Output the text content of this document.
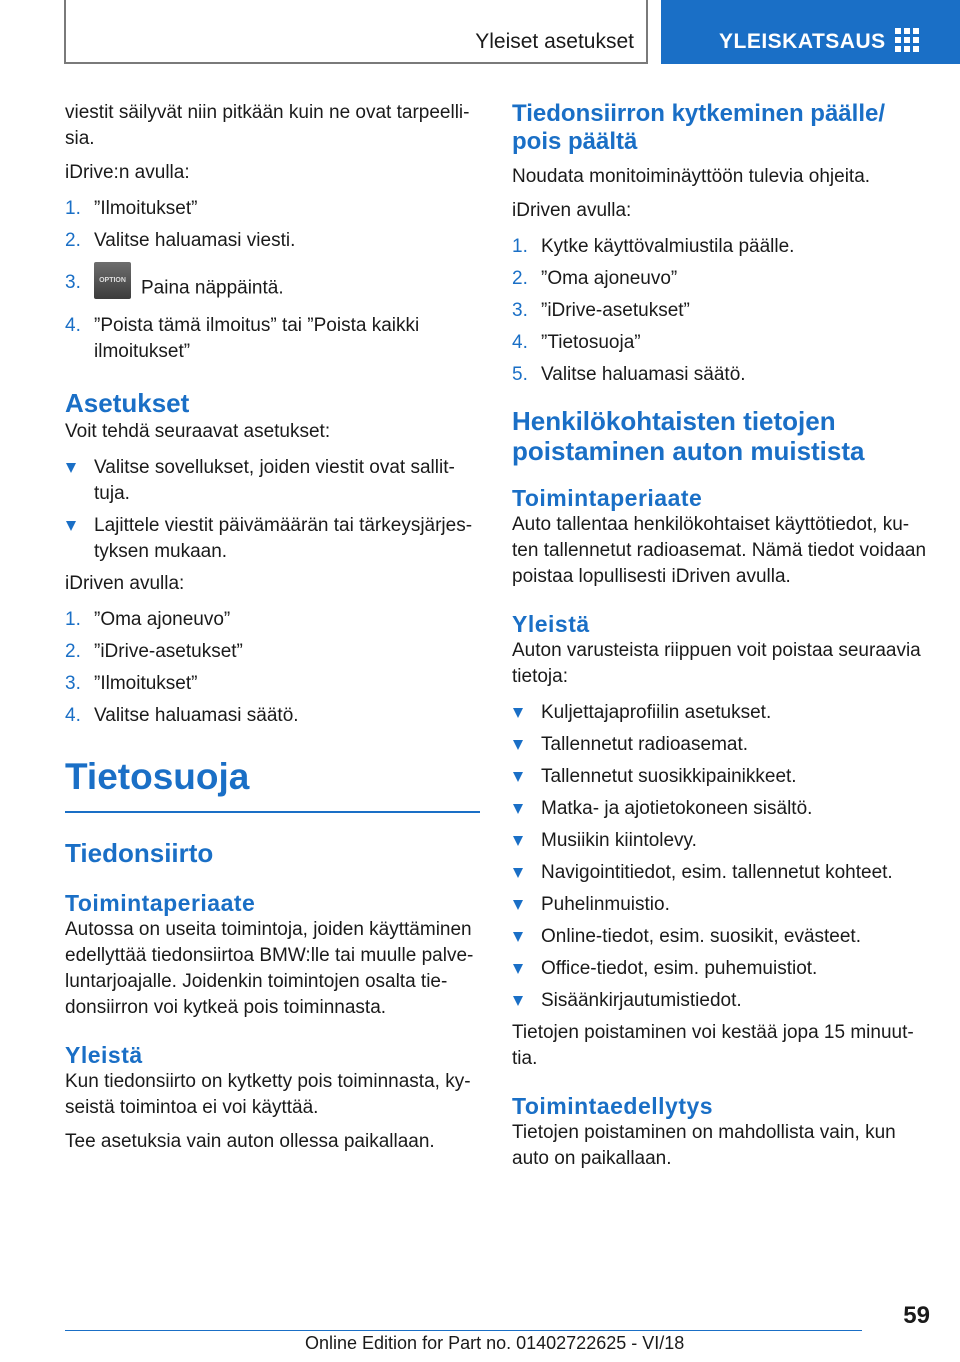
Yleiset asetukset	YLEISKATSAUS

viestit säilyvät niin pitkään kuin ne ovat tarpeelli-sia.

iDrive:n avulla:

1. ”Ilmoitukset”
2. Valitse haluamasi viesti.
3.	OPTION Paina näppäintä.
4. ”Poista tämä ilmoitus” tai ”Poista kaikki ilmoitukset”
Asetukset

Voit tehdä seuraavat asetukset:

Valitse sovellukset, joiden viestit ovat sallit-tuja.
Lajittele viestit päivämäärän tai tärkeysjärjes-tyksen mukaan.

iDriven avulla:

1. ”Oma ajoneuvo”
2. ”iDrive-asetukset”
3. ”Ilmoitukset”
4. Valitse haluamasi säätö.
Tietosuoja
Tiedonsiirto
Toimintaperiaate

Autossa on useita toimintoja, joiden käyttäminen edellyttää tiedonsiirtoa BMW:lle tai muulle palve-luntarjoajalle. Joidenkin toimintojen osalta tie-donsiirron voi kytkeä pois toiminnasta.

Yleistä

Kun tiedonsiirto on kytketty pois toiminnasta, ky-seistä toimintoa ei voi käyttää.

Tee asetuksia vain auton ollessa paikallaan.

Tiedonsiirron kytkeminen päälle/ pois päältä

Noudata monitoiminäyttöön tulevia ohjeita.

iDriven avulla:

1. Kytke käyttövalmiustila päälle.
2. ”Oma ajoneuvo”
3. ”iDrive-asetukset”
4. ”Tietosuoja”
5. Valitse haluamasi säätö.
Henkilökohtaisten tietojen poistaminen auton muistista
Toimintaperiaate

Auto tallentaa henkilökohtaiset käyttötiedot, ku-ten tallennetut radioasemat. Nämä tiedot voidaan poistaa lopullisesti iDriven avulla.

Yleistä

Auton varusteista riippuen voit poistaa seuraavia tietoja:

Kuljettajaprofiilin asetukset.
Tallennetut radioasemat.
Tallennetut suosikkipainikkeet.
Matka- ja ajotietokoneen sisältö.
Musiikin kiintolevy.
Navigointitiedot, esim. tallennetut kohteet.
Puhelinmuistio.
Online-tiedot, esim. suosikit, evästeet.
Office-tiedot, esim. puhemuistiot.
Sisäänkirjautumistiedot.

Tietojen poistaminen voi kestää jopa 15 minuut-tia.

Toimintaedellytys

Tietojen poistaminen on mahdollista vain, kun auto on paikallaan.

59
Online Edition for Part no. 01402722625 - VI/18
